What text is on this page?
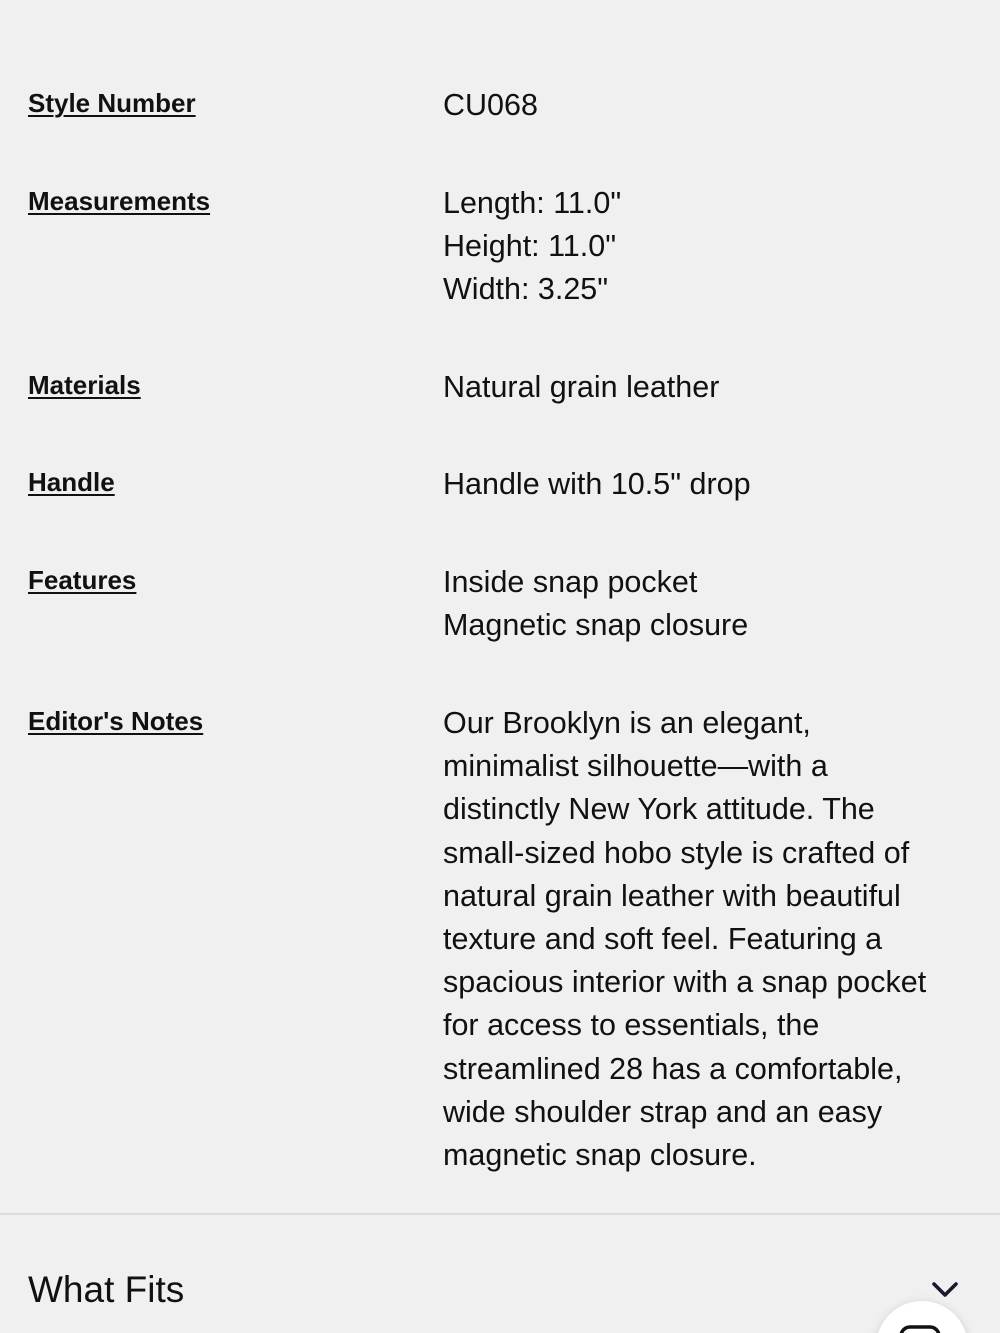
Style Number	CU068
Measurements	Length: 11.0"
Height: 11.0"
Width: 3.25"
Materials	Natural grain leather
Handle	Handle with 10.5" drop
Features	Inside snap pocket
Magnetic snap closure
Editor's Notes	Our Brooklyn is an elegant,
minimalist silhouette—with a
distinctly New York attitude. The
small-sized hobo style is crafted of
natural grain leather with beautiful
texture and soft feel. Featuring a
spacious interior with a snap pocket
for access to essentials, the
streamlined 28 has a comfortable,
wide shoulder strap and an easy
magnetic snap closure.
What Fits
